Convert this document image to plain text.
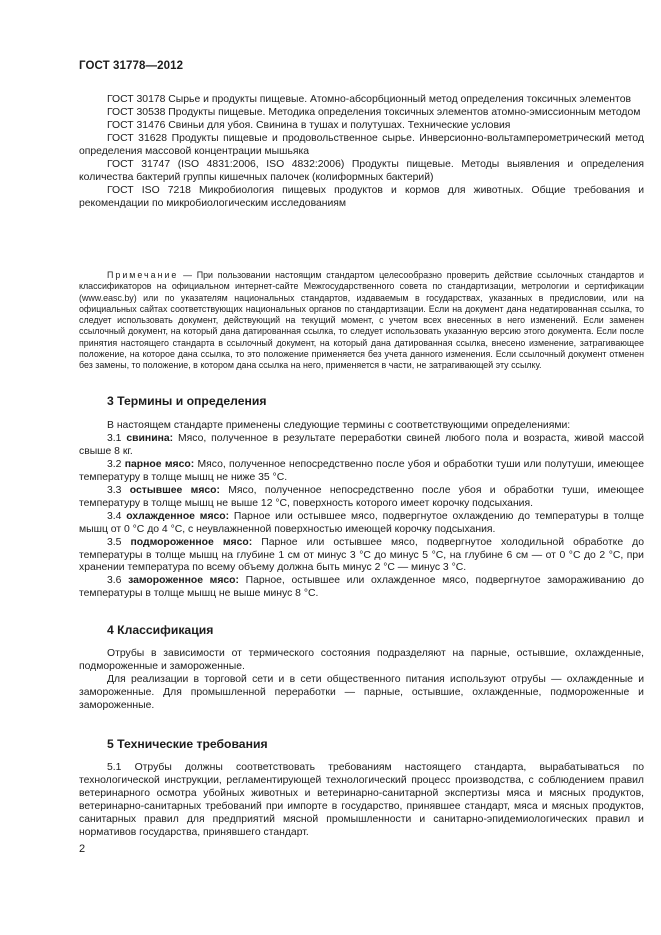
ГОСТ 31778—2012

ГОСТ 30178 Сырье и продукты пищевые. Атомно-абсорбционный метод определения токсичных элементов

ГОСТ 30538 Продукты пищевые. Методика определения токсичных элементов атомно-эмиссионным методом

ГОСТ 31476 Свиньи для убоя. Свинина в тушах и полутушах. Технические условия

ГОСТ 31628 Продукты пищевые и продовольственное сырье. Инверсионно-вольтамперометрический метод определения массовой концентрации мышьяка

ГОСТ 31747 (ISO 4831:2006, ISO 4832:2006) Продукты пищевые. Методы выявления и определения количества бактерий группы кишечных палочек (колиформных бактерий)

ГОСТ ISO 7218 Микробиология пищевых продуктов и кормов для животных. Общие требования и рекомендации по микробиологическим исследованиям

Примечание — При пользовании настоящим стандартом целесообразно проверить действие ссылочных стандартов и классификаторов на официальном интернет-сайте Межгосударственного совета по стандартизации, метрологии и сертификации (www.easc.by) или по указателям национальных стандартов, издаваемым в государствах, указанных в предисловии, или на официальных сайтах соответствующих национальных органов по стандартизации. Если на документ дана недатированная ссылка, то следует использовать документ, действующий на текущий момент, с учетом всех внесенных в него изменений. Если заменен ссылочный документ, на который дана датированная ссылка, то следует использовать указанную версию этого документа. Если после принятия настоящего стандарта в ссылочный документ, на который дана датированная ссылка, внесено изменение, затрагивающее положение, на которое дана ссылка, то это положение применяется без учета данного изменения. Если ссылочный документ отменен без замены, то положение, в котором дана ссылка на него, применяется в части, не затрагивающей эту ссылку.

3 Термины и определения

В настоящем стандарте применены следующие термины с соответствующими определениями:

3.1 свинина: Мясо, полученное в результате переработки свиней любого пола и возраста, живой массой свыше 8 кг.

3.2 парное мясо: Мясо, полученное непосредственно после убоя и обработки туши или полутуши, имеющее температуру в толще мышц не ниже 35 °С.

3.3 остывшее мясо: Мясо, полученное непосредственно после убоя и обработки туши, имеющее температуру в толще мышц не выше 12 °С, поверхность которого имеет корочку подсыхания.

3.4 охлажденное мясо: Парное или остывшее мясо, подвергнутое охлаждению до температуры в толще мышц от 0 °С до 4 °С, с неувлажненной поверхностью имеющей корочку подсыхания.

3.5 подмороженное мясо: Парное или остывшее мясо, подвергнутое холодильной обработке до температуры в толще мышц на глубине 1 см от минус 3 °С до минус 5 °С, на глубине 6 см — от 0 °С до 2 °С, при хранении температура по всему объему должна быть минус 2 °С — минус 3 °С.

3.6 замороженное мясо: Парное, остывшее или охлажденное мясо, подвергнутое замораживанию до температуры в толще мышц не выше минус 8 °С.

4 Классификация

Отрубы в зависимости от термического состояния подразделяют на парные, остывшие, охлажденные, подмороженные и замороженные.

Для реализации в торговой сети и в сети общественного питания используют отрубы — охлажденные и замороженные. Для промышленной переработки — парные, остывшие, охлажденные, подмороженные и замороженные.

5 Технические требования

5.1 Отрубы должны соответствовать требованиям настоящего стандарта, вырабатываться по технологической инструкции, регламентирующей технологический процесс производства, с соблюдением правил ветеринарного осмотра убойных животных и ветеринарно-санитарной экспертизы мяса и мясных продуктов, ветеринарно-санитарных требований при импорте в государство, принявшее стандарт, мяса и мясных продуктов, санитарных правил для предприятий мясной промышленности и санитарно-эпидемиологических правил и нормативов государства, принявшего стандарт.

2
